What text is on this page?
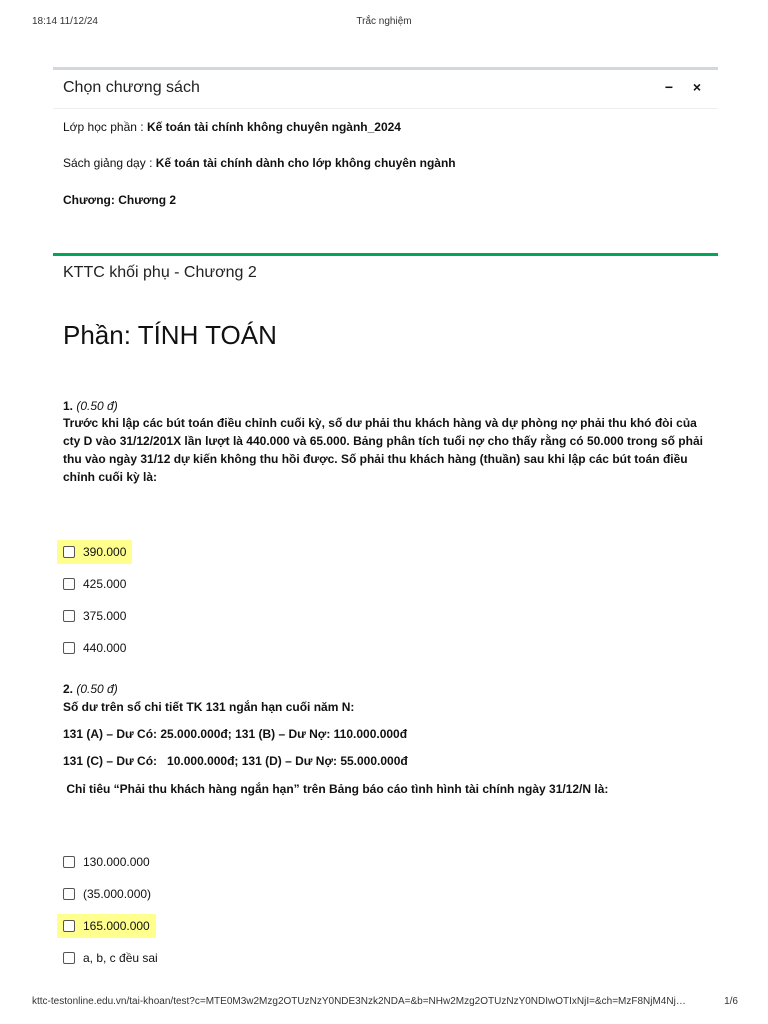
18:14 11/12/24	Trắc nghiệm
Chọn chương sách	− ×
Lớp học phần : Kế toán tài chính không chuyên ngành_2024
Sách giảng dạy : Kế toán tài chính dành cho lớp không chuyên ngành
Chương: Chương 2
KTTC khối phụ - Chương 2
Phần: TÍNH TOÁN
1. (0.50 đ)
Trước khi lập các bút toán điều chỉnh cuối kỳ, số dư phải thu khách hàng và dự phòng nợ phải thu khó đòi của cty D vào 31/12/201X lần lượt là 440.000 và 65.000. Bảng phân tích tuổi nợ cho thấy rằng có 50.000 trong số phải thu vào ngày 31/12 dự kiến không thu hồi được. Số phải thu khách hàng (thuần) sau khi lập các bút toán điều chỉnh cuối kỳ là:
390.000
425.000
375.000
440.000
2. (0.50 đ)
Số dư trên sổ chi tiết TK 131 ngắn hạn cuối năm N:
131 (A) – Dư Có: 25.000.000đ; 131 (B) – Dư Nợ: 110.000.000đ
131 (C) – Dư Có:   10.000.000đ; 131 (D) – Dư Nợ: 55.000.000đ
Chỉ tiêu “Phải thu khách hàng ngắn hạn” trên Bảng báo cáo tình hình tài chính ngày 31/12/N là:
130.000.000
(35.000.000)
165.000.000
a, b, c đều sai
kttc-testonline.edu.vn/tai-khoan/test?c=MTE0M3w2Mzg2OTUzNzY0NDE3Nzk2NDA=&b=NHw2Mzg2OTUzNzY0NDIwOTIxNjI=&ch=MzF8NjM4Nj…	1/6
